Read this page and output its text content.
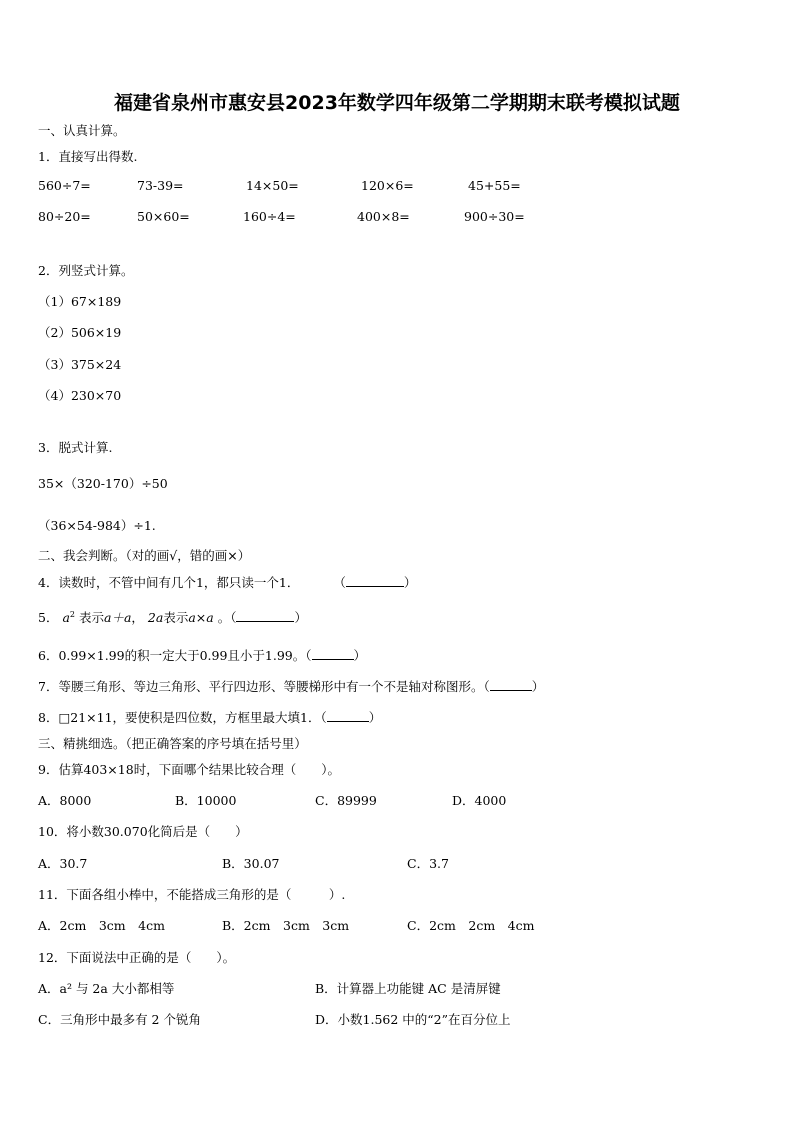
福建省泉州市惠安县2023年数学四年级第二学期期末联考模拟试题
一、认真计算。
1．直接写出得数.
560÷7=	73-39=	14×50=	120×6=	45+55=
80÷20=	50×60=	160÷4=	400×8=	900÷30=
2．列竖式计算。
（1）67×189
（2）506×19
（3）375×24
（4）230×70
3．脱式计算.
35×（320-170）÷50
（36×54-984）÷1.
二、我会判断。（对的画√，错的画×）
4．读数时，不管中间有几个1，都只读一个1．	（	）
5． $a^2$ 表示a＋a， 2a表示a×a 。（	）
6．0.99×1.99的积一定大于0.99且小于1.99。（	）
7．等腰三角形、等边三角形、平行四边形、等腰梯形中有一个不是轴对称图形。（	）
8．□21×11，要使积是四位数，方框里最大填1．（	）
三、精挑细选。（把正确答案的序号填在括号里）
9．估算403×18时，下面哪个结果比较合理（　　）。
A．8000	B．10000	C．89999	D．4000
10．将小数30.070化简后是（　　）
A．30.7	B．30.07	C．3.7
11．下面各组小棒中，不能搭成三角形的是（　　　）.
A．2cm　3cm　4cm	B．2cm　3cm　3cm	C．2cm　2cm　4cm
12．下面说法中正确的是（　　）。
A．a² 与 2a 大小都相等	B．计算器上功能键 AC 是清屏键
C．三角形中最多有 2 个锐角	D．小数1.562 中的“2”在百分位上
